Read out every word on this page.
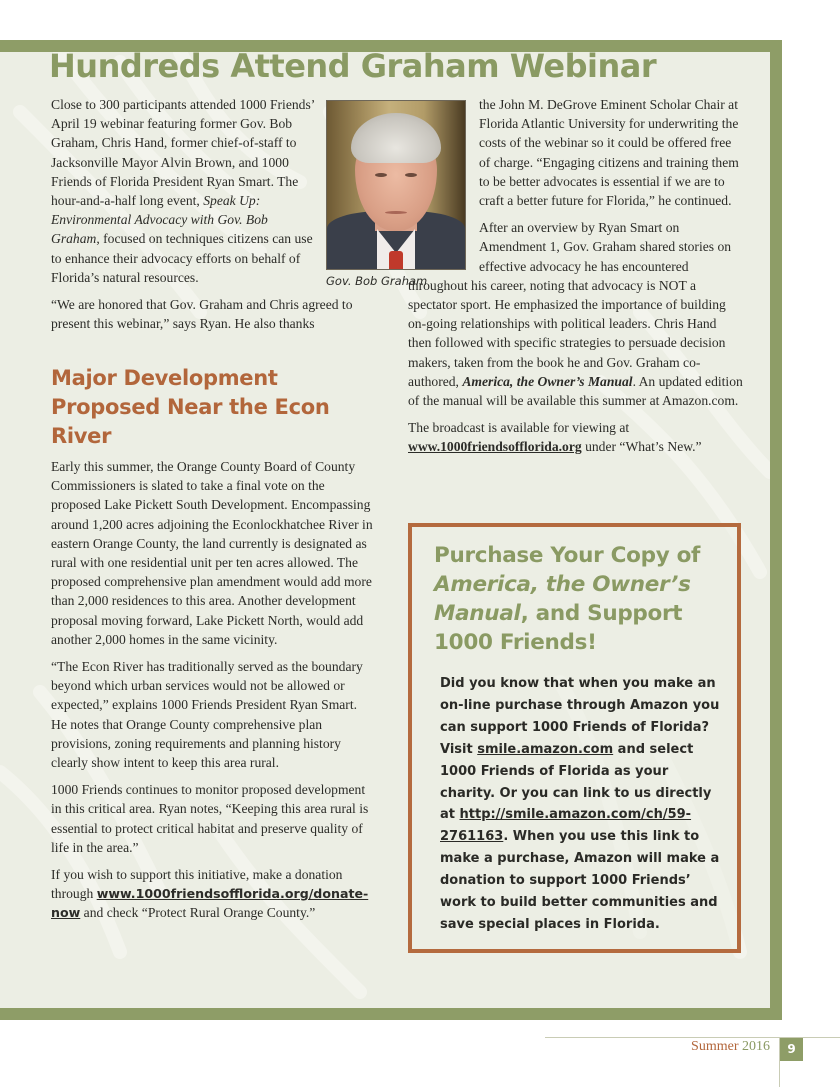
Hundreds Attend Graham Webinar

Close to 300 participants attended 1000 Friends’ April 19 webinar featuring former Gov. Bob Graham, Chris Hand, former chief-of-staff to Jacksonville Mayor Alvin Brown, and 1000 Friends of Florida President Ryan Smart. The hour-and-a-half long event, Speak Up: Environmental Advocacy with Gov. Bob Graham, focused on techniques citizens can use to enhance their advocacy efforts on behalf of Florida’s natural resources.

“We are honored that Gov. Graham and Chris agreed to present this webinar,” says Ryan. He also thanks

Gov. Bob Graham

the John M. DeGrove Eminent Scholar Chair at Florida Atlantic University for underwriting the costs of the webinar so it could be offered free of charge. “Engaging citizens and training them to be better advocates is essential if we are to craft a better future for Florida,” he continued.

After an overview by Ryan Smart on Amendment 1, Gov. Graham shared stories on effective advocacy he has encountered

throughout his career, noting that advocacy is NOT a spectator sport. He emphasized the importance of building on-going relationships with political leaders. Chris Hand then followed with specific strategies to persuade decision makers, taken from the book he and Gov. Graham co-authored, America, the Owner’s Manual. An updated edition of the manual will be available this summer at Amazon.com.

The broadcast is available for viewing at www.1000friendsofflorida.org under “What’s New.”

Major Development Proposed Near the Econ River

Early this summer, the Orange County Board of County Commissioners is slated to take a final vote on the proposed Lake Pickett South Development. Encompassing around 1,200 acres adjoining the Econlockhatchee River in eastern Orange County, the land currently is designated as rural with one residential unit per ten acres allowed. The proposed comprehensive plan amendment would add more than 2,000 residences to this area. Another development proposal moving forward, Lake Pickett North, would add another 2,000 homes in the same vicinity.

“The Econ River has traditionally served as the boundary beyond which urban services would not be allowed or expected,” explains 1000 Friends President Ryan Smart. He notes that Orange County comprehensive plan provisions, zoning requirements and planning history clearly show intent to keep this area rural.

1000 Friends continues to monitor proposed development in this critical area. Ryan notes, “Keeping this area rural is essential to protect critical habitat and preserve quality of life in the area.”

If you wish to support this initiative, make a donation through www.1000friendsofflorida.org/donate-now and check “Protect Rural Orange County.”

Purchase Your Copy of America, the Owner’s Manual, and Support 1000 Friends!
Did you know that when you make an on-line purchase through Amazon you can support 1000 Friends of Florida? Visit smile.amazon.com and select 1000 Friends of Florida as your charity. Or you can link to us directly at http://smile.amazon.com/ch/59-2761163. When you use this link to make a purchase, Amazon will make a donation to support 1000 Friends’ work to build better communities and save special places in Florida.
Summer 2016	9
